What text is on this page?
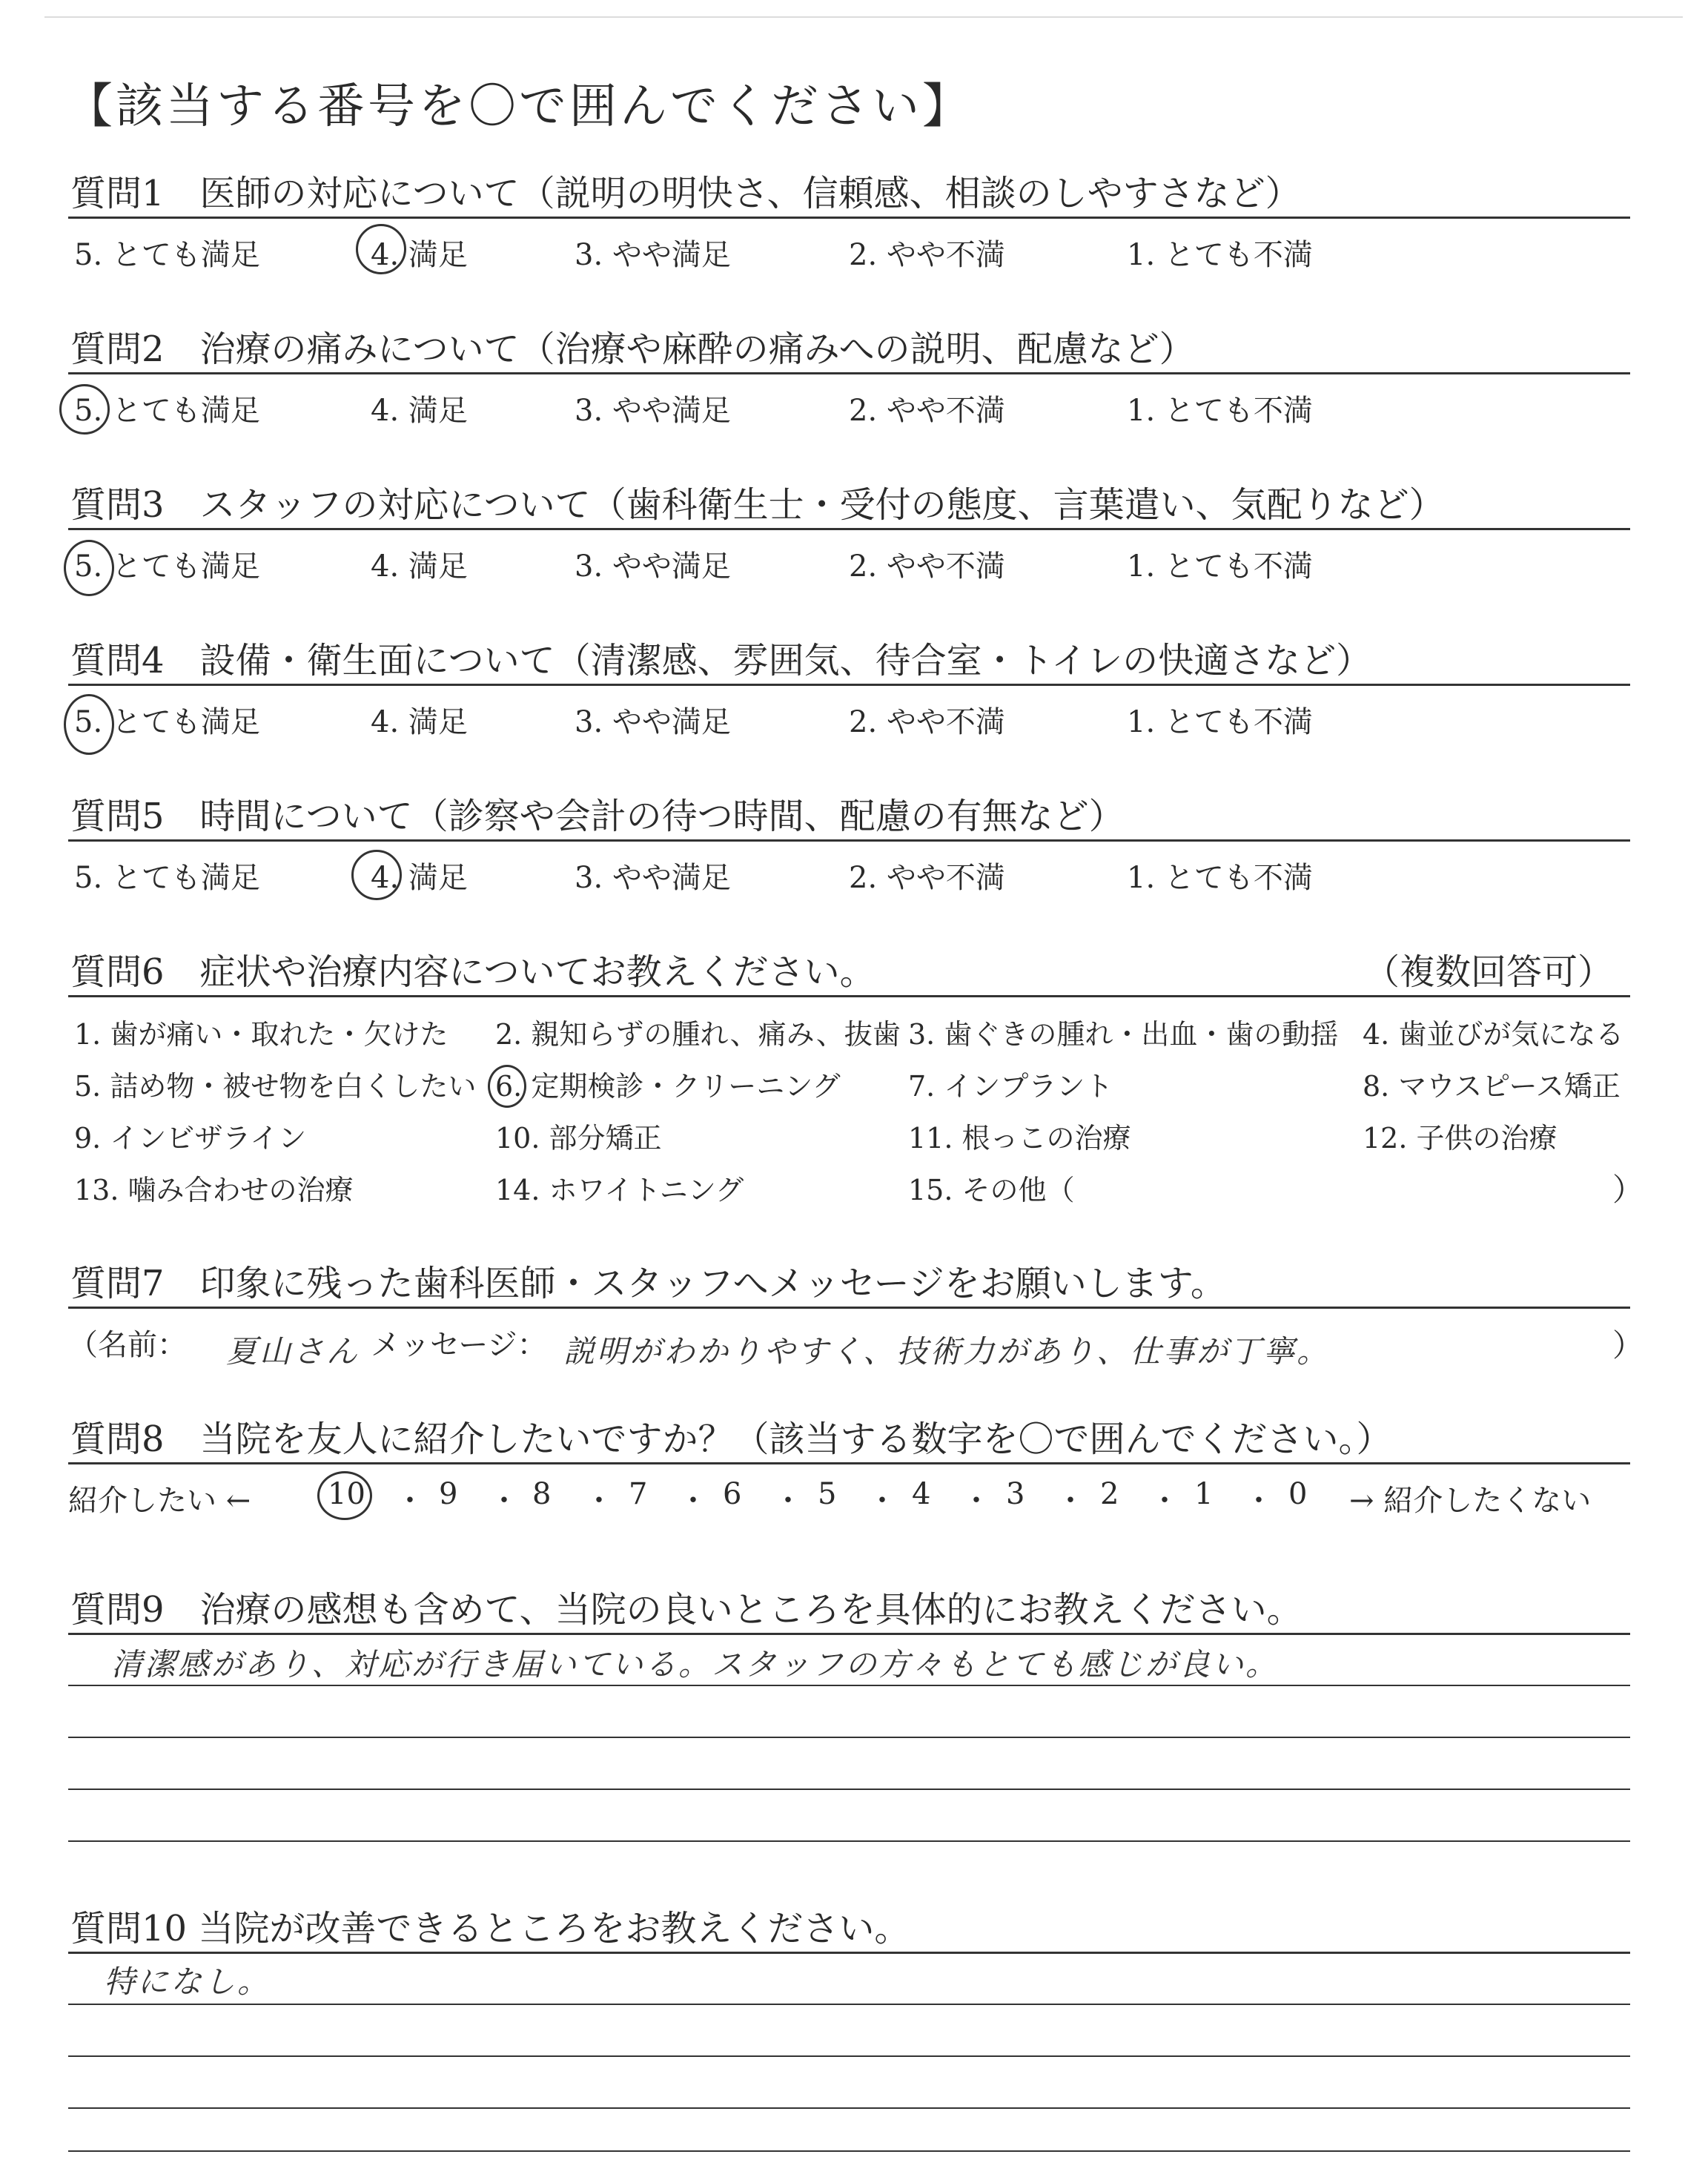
【該当する番号を〇で囲んでください】
質問1　医師の対応について（説明の明快さ、信頼感、相談のしやすさなど）
質問2　治療の痛みについて（治療や麻酔の痛みへの説明、配慮など）
質問3　スタッフの対応について（歯科衛生士・受付の態度、言葉遣い、気配りなど）
質問4　設備・衛生面について（清潔感、雰囲気、待合室・トイレの快適さなど）
質問5　時間について（診察や会計の待つ時間、配慮の有無など）
5. とても満足	4. 満足	3. やや満足	2. やや不満	1. とても不満
5. とても満足	4. 満足	3. やや満足	2. やや不満	1. とても不満
5. とても満足	4. 満足	3. やや満足	2. やや不満	1. とても不満
5. とても満足	4. 満足	3. やや満足	2. やや不満	1. とても不満
5. とても満足	4. 満足	3. やや満足	2. やや不満	1. とても不満
質問6　症状や治療内容についてお教えください。	（複数回答可）
1. 歯が痛い・取れた・欠けた 2. 親知らずの腫れ、痛み、抜歯 3. 歯ぐきの腫れ・出血・歯の動揺 4. 歯並びが気になる
5. 詰め物・被せ物を白くしたい 6. 定期検診・クリーニング 7. インプラント	8. マウスピース矯正
9. インビザライン	10. 部分矯正	11. 根っこの治療	12. 子供の治療
13. 噛み合わせの治療	14. ホワイトニング	15. その他（	）
質問7　印象に残った歯科医師・スタッフへメッセージをお願いします。
（名前： 夏山さん メッセージ： 説明がわかりやすく、技術力があり、仕事が丁寧。	）
質問8　当院を友人に紹介したいですか？（該当する数字を〇で囲んでください。）
紹介したい ←	→ 紹介したくない
10 ・ 9 ・ 8 ・ 7 ・ 6 ・ 5 ・ 4 ・ 3 ・ 2 ・ 1 ・ 0
質問9　治療の感想も含めて、当院の良いところを具体的にお教えください。
清潔感があり、対応が行き届いている。スタッフの方々もとても感じが良い。
質問10 当院が改善できるところをお教えください。
特になし。
